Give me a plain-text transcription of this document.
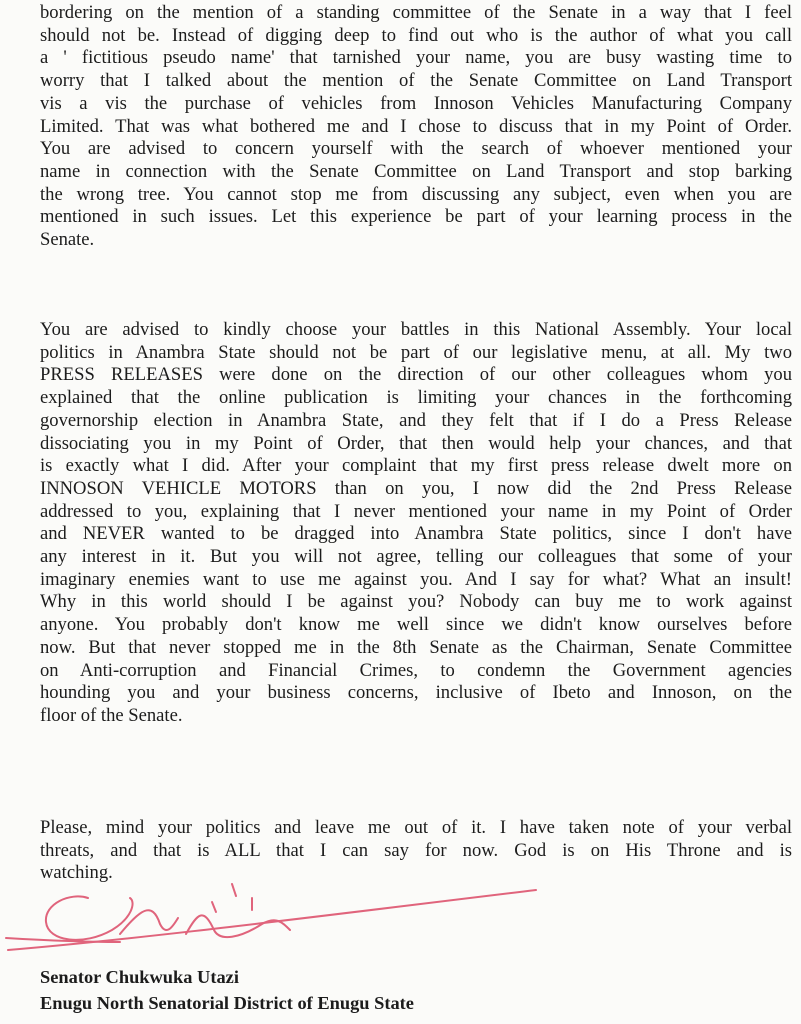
bordering on the mention of a standing committee of the Senate in a way that I feel
should not be. Instead of digging deep to find out who is the author of what you call
a ' fictitious pseudo name' that tarnished your name, you are busy wasting time to
worry that I talked about the mention of the Senate Committee on Land Transport
vis a vis the purchase of vehicles from Innoson Vehicles Manufacturing Company
Limited. That was what bothered me and I chose to discuss that in my Point of Order.
You are advised to concern yourself with the search of whoever mentioned your
name in connection with the Senate Committee on Land Transport and stop barking
the wrong tree. You cannot stop me from discussing any subject, even when you are
mentioned in such issues. Let this experience be part of your learning process in the
Senate.

You are advised to kindly choose your battles in this National Assembly. Your local
politics in Anambra State should not be part of our legislative menu, at all. My two
PRESS RELEASES were done on the direction of our other colleagues whom you
explained that the online publication is limiting your chances in the forthcoming
governorship election in Anambra State, and they felt that if I do a Press Release
dissociating you in my Point of Order, that then would help your chances, and that
is exactly what I did. After your complaint that my first press release dwelt more on
INNOSON VEHICLE MOTORS than on you, I now did the 2nd Press Release
addressed to you, explaining that I never mentioned your name in my Point of Order
and NEVER wanted to be dragged into Anambra State politics, since I don't have
any interest in it. But you will not agree, telling our colleagues that some of your
imaginary enemies want to use me against you. And I say for what? What an insult!
Why in this world should I be against you? Nobody can buy me to work against
anyone. You probably don't know me well since we didn't know ourselves before
now. But that never stopped me in the 8th Senate as the Chairman, Senate Committee
on Anti-corruption and Financial Crimes, to condemn the Government agencies
hounding you and your business concerns, inclusive of Ibeto and Innoson, on the
floor of the Senate.

Please, mind your politics and leave me out of it. I have taken note of your verbal
threats, and that is ALL that I can say for now. God is on His Throne and is
watching.

Senator Chukwuka Utazi
Enugu North Senatorial District of Enugu State
